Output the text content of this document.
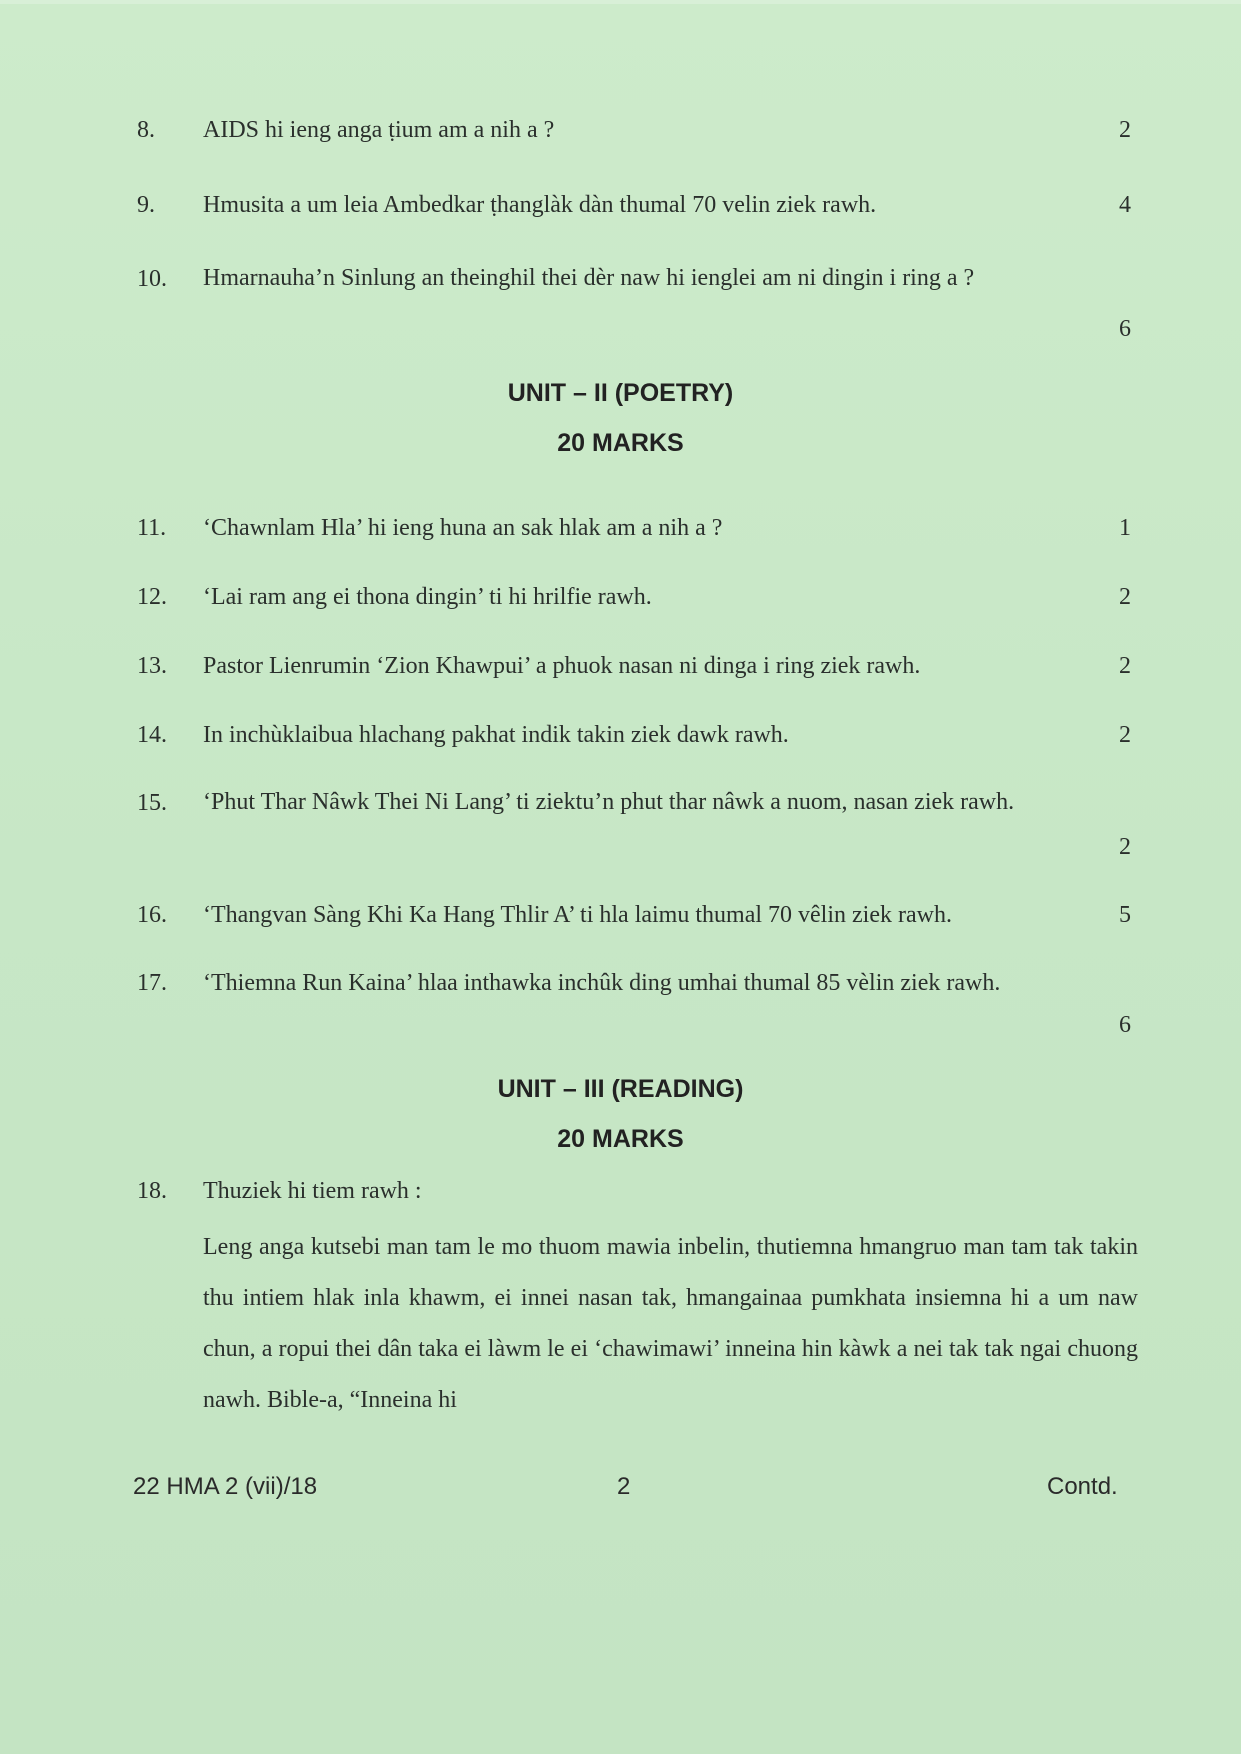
8. AIDS hi ieng anga ṭium am a nih a ?	2
9. Hmusita a um leia Ambedkar ṭhanglàk dàn thumal 70 velin ziek rawh.	4
10. Hmarnauha’n Sinlung an theinghil thei dèr naw hi ienglei am ni dingin i ring a ?
6
UNIT – II (POETRY)
20 MARKS
11. ‘Chawnlam Hla’ hi ieng huna an sak hlak am a nih a ?	1
12. ‘Lai ram ang ei thona dingin’ ti hi hrilfie rawh.	2
13. Pastor Lienrumin ‘Zion Khawpui’ a phuok nasan ni dinga i ring ziek rawh.	2
14. In inchùklaibua hlachang pakhat indik takin ziek dawk rawh.	2
15. ‘Phut Thar Nâwk Thei Ni Lang’ ti ziektu’n phut thar nâwk a nuom, nasan ziek rawh.
2
16. ‘Thangvan Sàng Khi Ka Hang Thlir A’ ti hla laimu thumal 70 vêlin ziek rawh.	5
17. ‘Thiemna Run Kaina’ hlaa inthawka inchûk ding umhai thumal 85 vèlin ziek rawh.
6
UNIT – III (READING)
20 MARKS
18. Thuziek hi tiem rawh :
Leng anga kutsebi man tam le mo thuom mawia inbelin, thutiemna hmangruo man tam tak takin thu intiem hlak inla khawm, ei innei nasan tak, hmangainaa pumkhata insiemna hi a um naw chun, a ropui thei dân taka ei làwm le ei ‘chawimawi’ inneina hin kàwk a nei tak tak ngai chuong nawh. Bible-a, “Inneina hi
22 HMA 2 (vii)/18	2	Contd.
